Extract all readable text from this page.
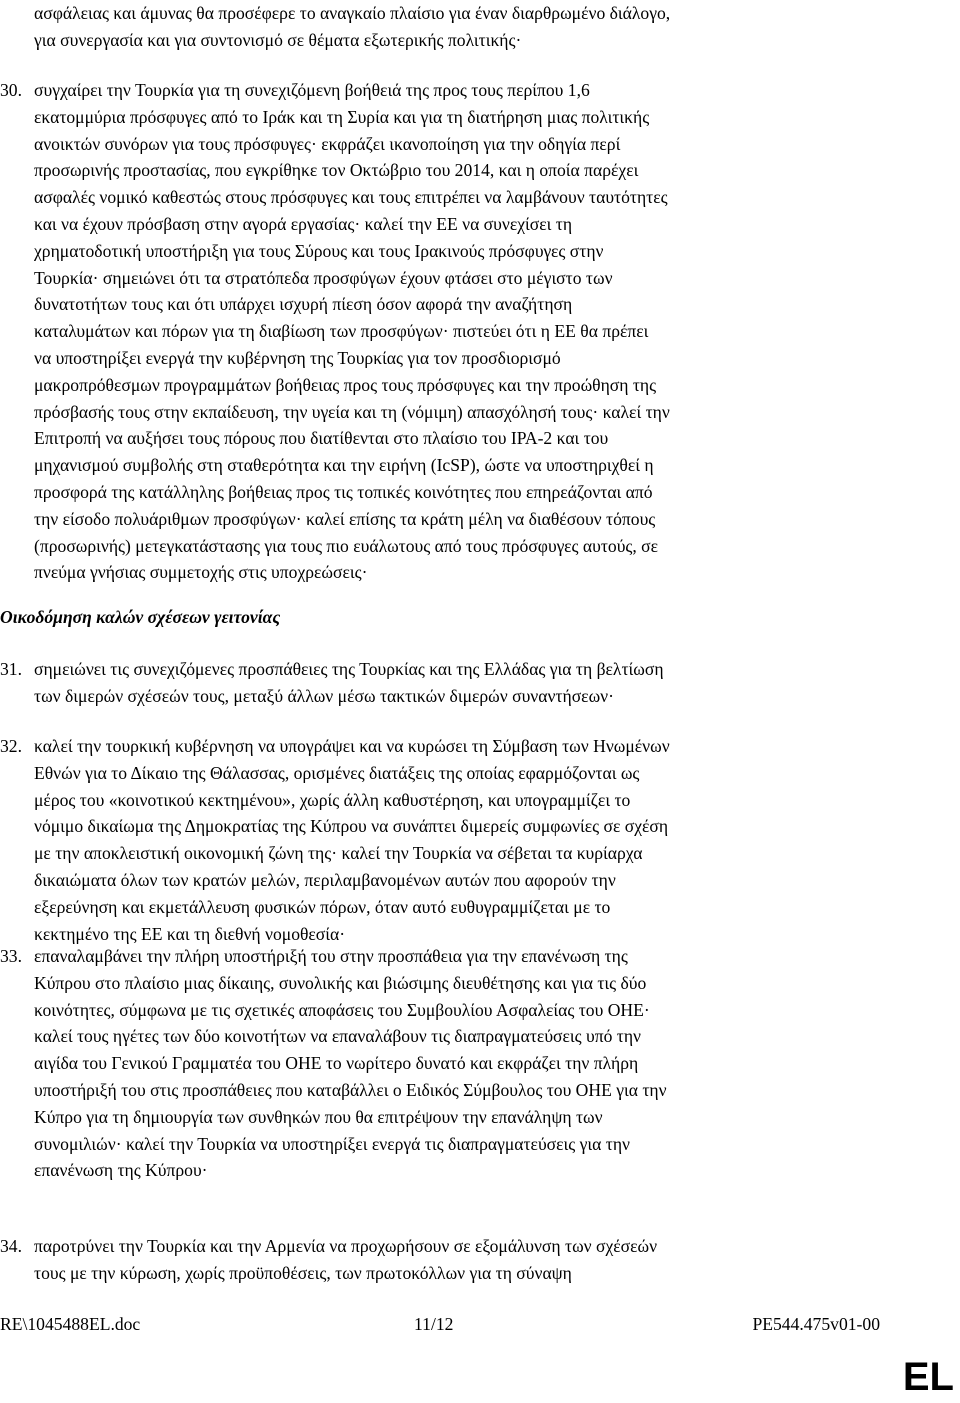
ασφάλειας και άμυνας θα προσέφερε το αναγκαίο πλαίσιο για έναν διαρθρωμένο διάλογο,
για συνεργασία και για συντονισμό σε θέματα εξωτερικής πολιτικής·
30. συγχαίρει την Τουρκία για τη συνεχιζόμενη βοήθειά της προς τους περίπου 1,6
εκατομμύρια πρόσφυγες από το Ιράκ και τη Συρία και για τη διατήρηση μιας πολιτικής
ανοικτών συνόρων για τους πρόσφυγες· εκφράζει ικανοποίηση για την οδηγία περί
προσωρινής προστασίας, που εγκρίθηκε τον Οκτώβριο του 2014, και η οποία παρέχει
ασφαλές νομικό καθεστώς στους πρόσφυγες και τους επιτρέπει να λαμβάνουν ταυτότητες
και να έχουν πρόσβαση στην αγορά εργασίας· καλεί την ΕΕ να συνεχίσει τη
χρηματοδοτική υποστήριξη για τους Σύρους και τους Ιρακινούς πρόσφυγες στην
Τουρκία· σημειώνει ότι τα στρατόπεδα προσφύγων έχουν φτάσει στο μέγιστο των
δυνατοτήτων τους και ότι υπάρχει ισχυρή πίεση όσον αφορά την αναζήτηση
καταλυμάτων και πόρων για τη διαβίωση των προσφύγων· πιστεύει ότι η ΕΕ θα πρέπει
να υποστηρίξει ενεργά την κυβέρνηση της Τουρκίας για τον προσδιορισμό
μακροπρόθεσμων προγραμμάτων βοήθειας προς τους πρόσφυγες και την προώθηση της
πρόσβασής τους στην εκπαίδευση, την υγεία και τη (νόμιμη) απασχόλησή τους· καλεί την
Επιτροπή να αυξήσει τους πόρους που διατίθενται στο πλαίσιο του IPA-2 και του
μηχανισμού συμβολής στη σταθερότητα και την ειρήνη (IcSP), ώστε να υποστηριχθεί η
προσφορά της κατάλληλης βοήθειας προς τις τοπικές κοινότητες που επηρεάζονται από
την είσοδο πολυάριθμων προσφύγων· καλεί επίσης τα κράτη μέλη να διαθέσουν τόπους
(προσωρινής) μετεγκατάστασης για τους πιο ευάλωτους από τους πρόσφυγες αυτούς, σε
πνεύμα γνήσιας συμμετοχής στις υποχρεώσεις·
Οικοδόμηση καλών σχέσεων γειτονίας
31. σημειώνει τις συνεχιζόμενες προσπάθειες της Τουρκίας και της Ελλάδας για τη βελτίωση
των διμερών σχέσεών τους, μεταξύ άλλων μέσω τακτικών διμερών συναντήσεων·
32. καλεί την τουρκική κυβέρνηση να υπογράψει και να κυρώσει τη Σύμβαση των Ηνωμένων
Εθνών για το Δίκαιο της Θάλασσας, ορισμένες διατάξεις της οποίας εφαρμόζονται ως
μέρος του «κοινοτικού κεκτημένου», χωρίς άλλη καθυστέρηση, και υπογραμμίζει το
νόμιμο δικαίωμα της Δημοκρατίας της Κύπρου να συνάπτει διμερείς συμφωνίες σε σχέση
με την αποκλειστική οικονομική ζώνη της· καλεί την Τουρκία να σέβεται τα κυρίαρχα
δικαιώματα όλων των κρατών μελών, περιλαμβανομένων αυτών που αφορούν την
εξερεύνηση και εκμετάλλευση φυσικών πόρων, όταν αυτό ευθυγραμμίζεται με το
κεκτημένο της ΕΕ και τη διεθνή νομοθεσία·
33. επαναλαμβάνει την πλήρη υποστήριξή του στην προσπάθεια για την επανένωση της
Κύπρου στο πλαίσιο μιας δίκαιης, συνολικής και βιώσιμης διευθέτησης και για τις δύο
κοινότητες, σύμφωνα με τις σχετικές αποφάσεις του Συμβουλίου Ασφαλείας του ΟΗΕ·
καλεί τους ηγέτες των δύο κοινοτήτων να επαναλάβουν τις διαπραγματεύσεις υπό την
αιγίδα του Γενικού Γραμματέα του ΟΗΕ το νωρίτερο δυνατό και εκφράζει την πλήρη
υποστήριξή του στις προσπάθειες που καταβάλλει ο Ειδικός Σύμβουλος του ΟΗΕ για την
Κύπρο για τη δημιουργία των συνθηκών που θα επιτρέψουν την επανάληψη των
συνομιλιών· καλεί την Τουρκία να υποστηρίξει ενεργά τις διαπραγματεύσεις για την
επανένωση της Κύπρου·
34. παροτρύνει την Τουρκία και την Αρμενία να προχωρήσουν σε εξομάλυνση των σχέσεών
τους με την κύρωση, χωρίς προϋποθέσεις, των πρωτοκόλλων για τη σύναψη
RE\1045488EL.doc	11/12	PE544.475v01-00
EL
